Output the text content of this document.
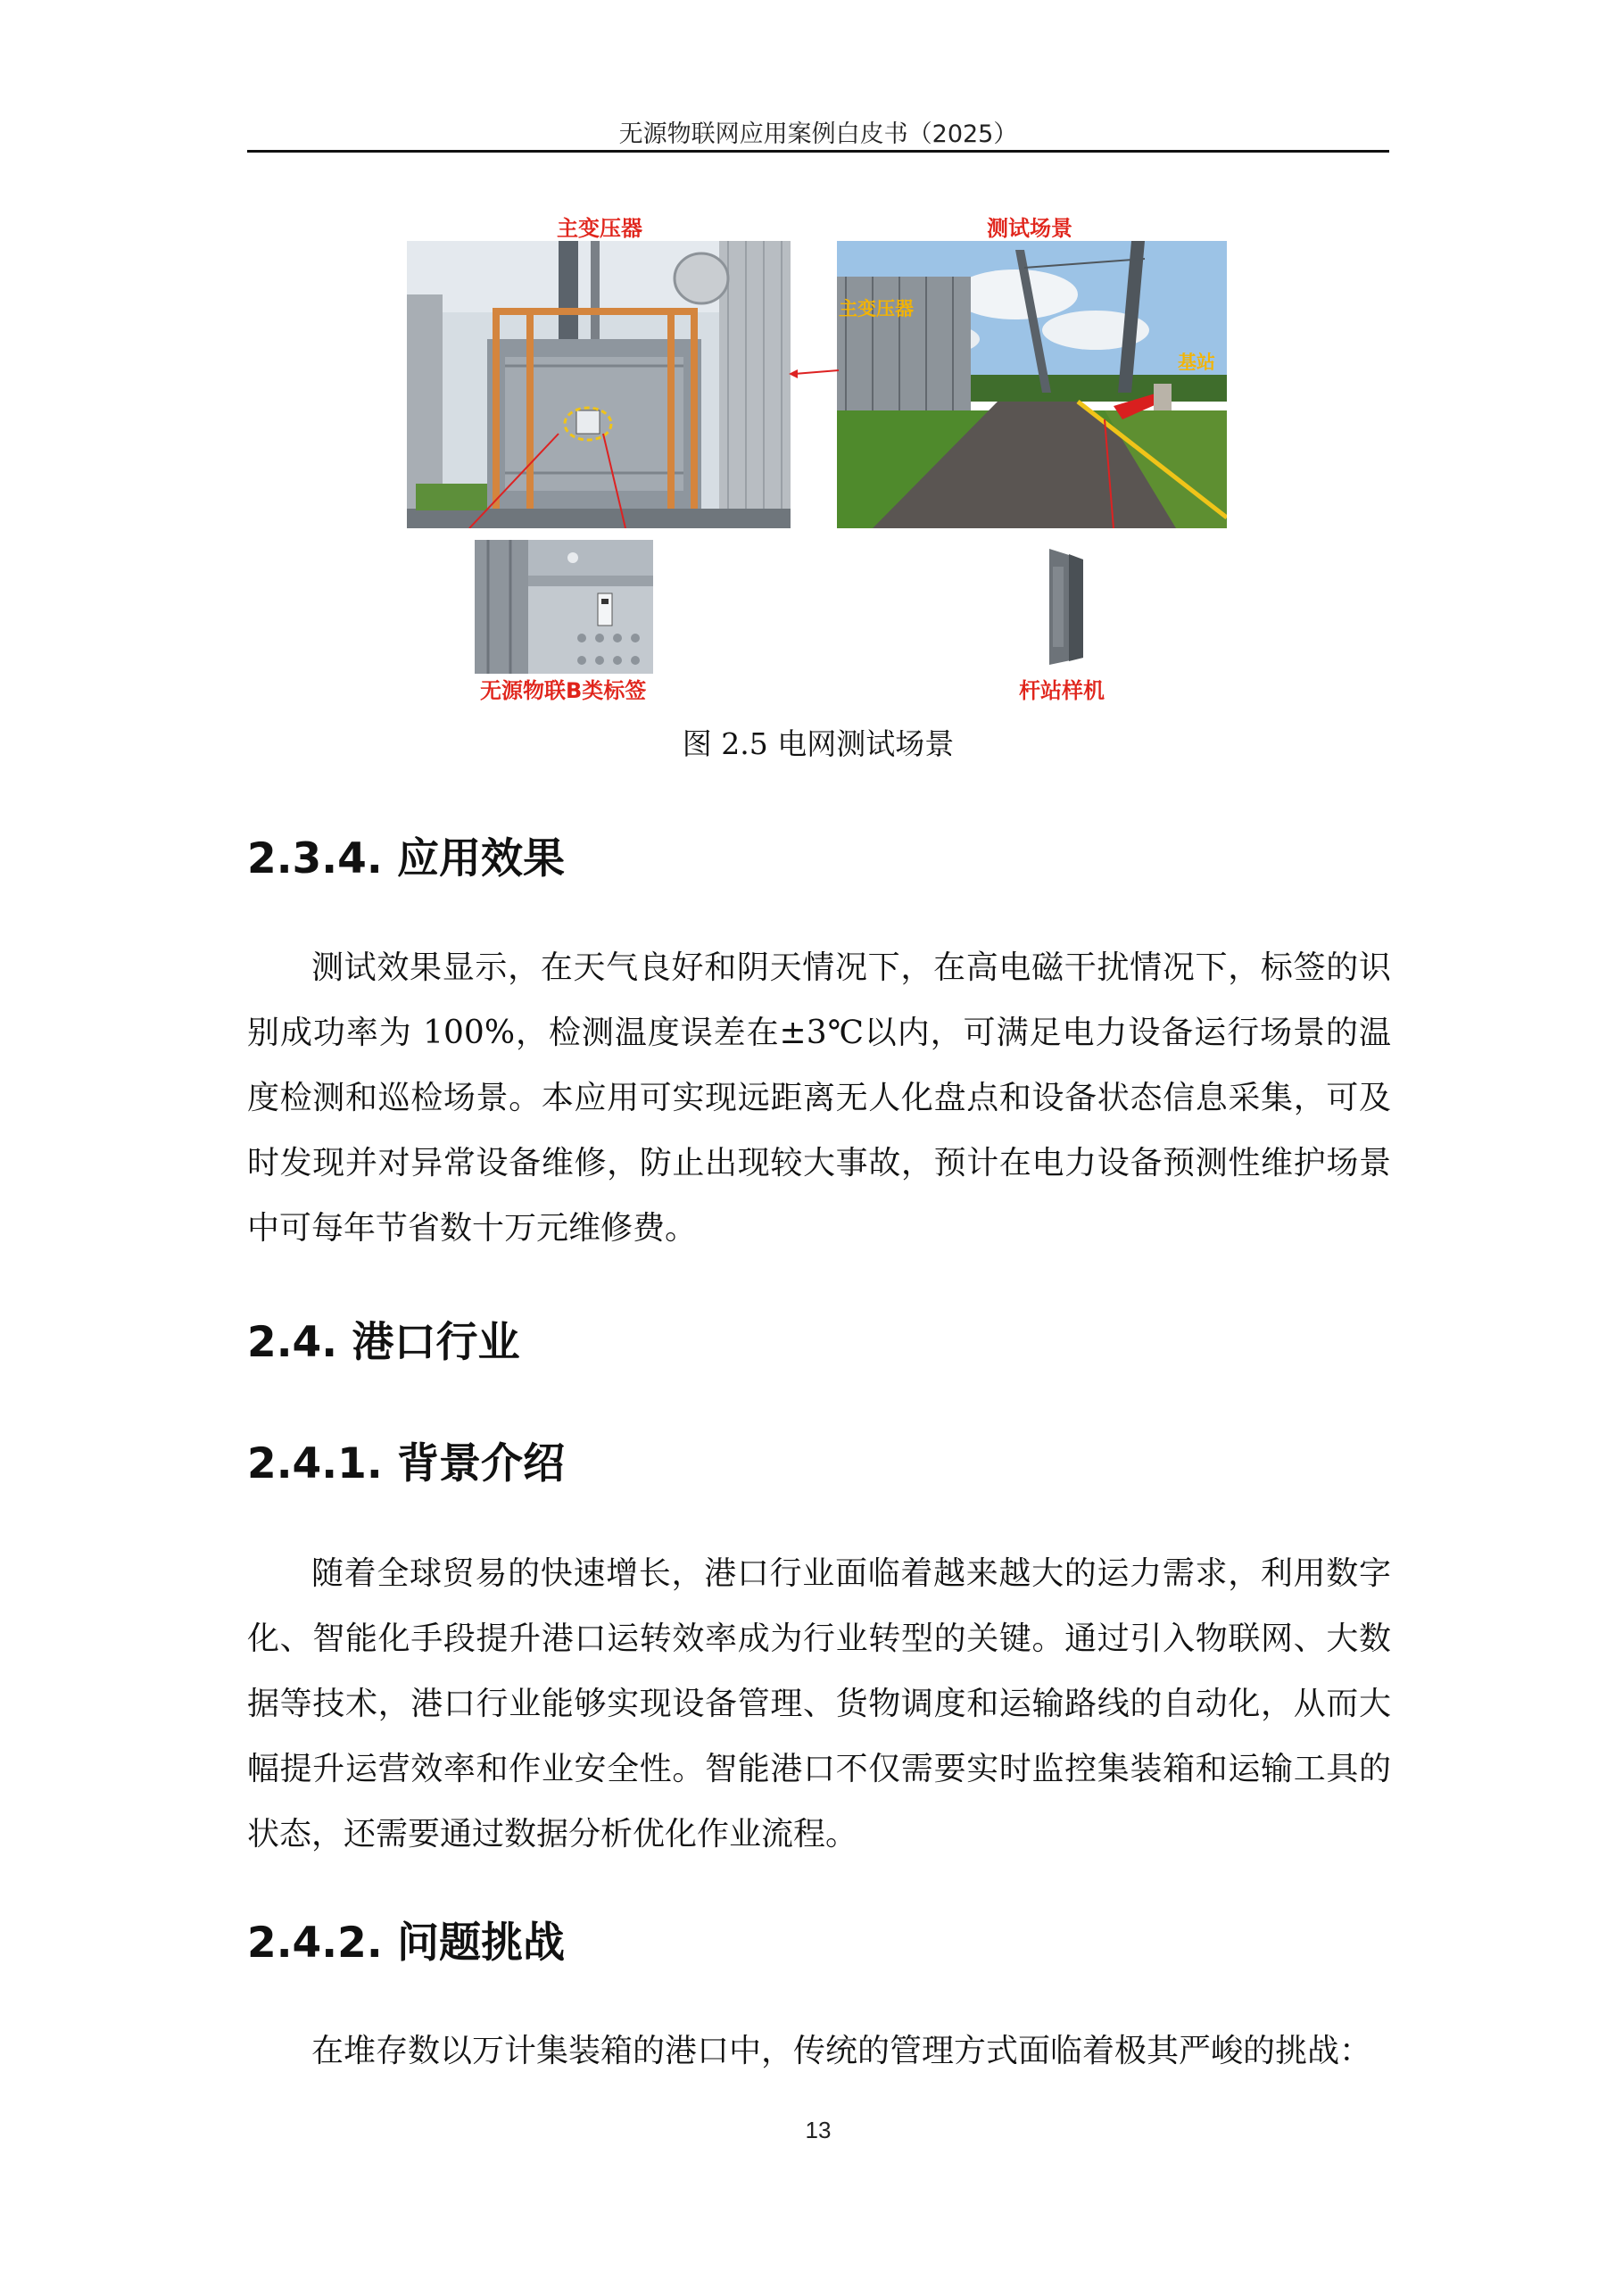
无源物联网应用案例白皮书（2025）
主变压器	测试场景
主变压器
基站
无源物联B类标签	杆站样机
图 2.5 电网测试场景
2.3.4. 应用效果

测试效果显示，在天气良好和阴天情况下，在高电磁干扰情况下，标签的识别成功率为 100%，检测温度误差在±3℃以内，可满足电力设备运行场景的温度检测和巡检场景。本应用可实现远距离无人化盘点和设备状态信息采集，可及时发现并对异常设备维修，防止出现较大事故，预计在电力设备预测性维护场景中可每年节省数十万元维修费。

2.4. 港口行业
2.4.1. 背景介绍

随着全球贸易的快速增长，港口行业面临着越来越大的运力需求，利用数字化、智能化手段提升港口运转效率成为行业转型的关键。通过引入物联网、大数据等技术，港口行业能够实现设备管理、货物调度和运输路线的自动化，从而大幅提升运营效率和作业安全性。智能港口不仅需要实时监控集装箱和运输工具的状态，还需要通过数据分析优化作业流程。

2.4.2. 问题挑战

在堆存数以万计集装箱的港口中，传统的管理方式面临着极其严峻的挑战：

13
